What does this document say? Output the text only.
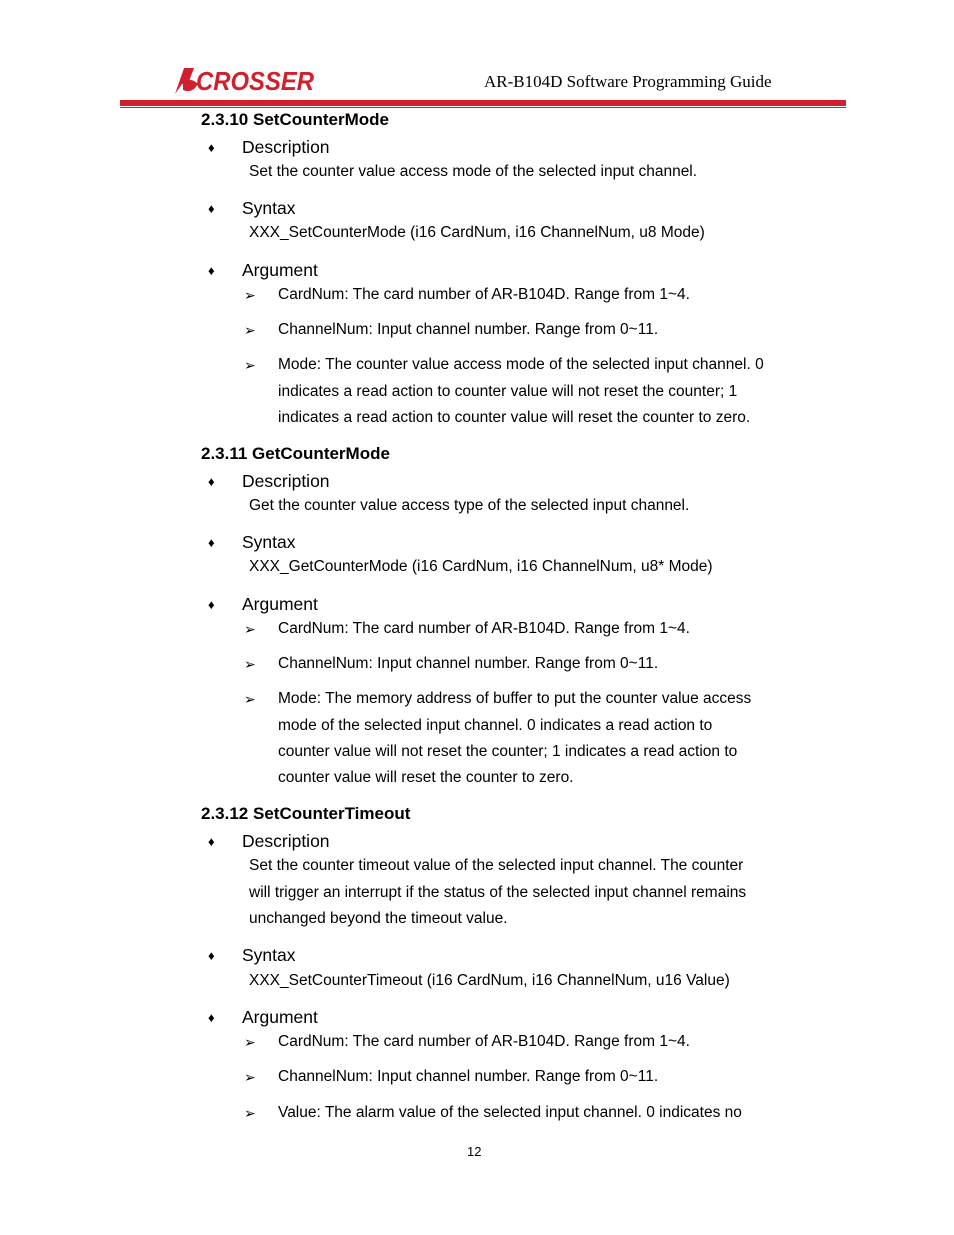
CROSSER	AR-B104D Software Programming Guide
2.3.10 SetCounterMode
♦ Description
Set the counter value access mode of the selected input channel.
♦ Syntax
XXX_SetCounterMode (i16 CardNum, i16 ChannelNum, u8 Mode)
♦ Argument
➢ CardNum: The card number of AR-B104D. Range from 1~4.
➢ ChannelNum: Input channel number. Range from 0~11.
➢ Mode: The counter value access mode of the selected input channel. 0
indicates a read action to counter value will not reset the counter; 1
indicates a read action to counter value will reset the counter to zero.
2.3.11 GetCounterMode
♦ Description
Get the counter value access type of the selected input channel.
♦ Syntax
XXX_GetCounterMode (i16 CardNum, i16 ChannelNum, u8* Mode)
♦ Argument
➢ CardNum: The card number of AR-B104D. Range from 1~4.
➢ ChannelNum: Input channel number. Range from 0~11.
➢ Mode: The memory address of buffer to put the counter value access
mode of the selected input channel. 0 indicates a read action to
counter value will not reset the counter; 1 indicates a read action to
counter value will reset the counter to zero.
2.3.12 SetCounterTimeout
♦ Description
Set the counter timeout value of the selected input channel. The counter
will trigger an interrupt if the status of the selected input channel remains
unchanged beyond the timeout value.
♦ Syntax
XXX_SetCounterTimeout (i16 CardNum, i16 ChannelNum, u16 Value)
♦ Argument
➢ CardNum: The card number of AR-B104D. Range from 1~4.
➢ ChannelNum: Input channel number. Range from 0~11.
➢ Value: The alarm value of the selected input channel. 0 indicates no
12
